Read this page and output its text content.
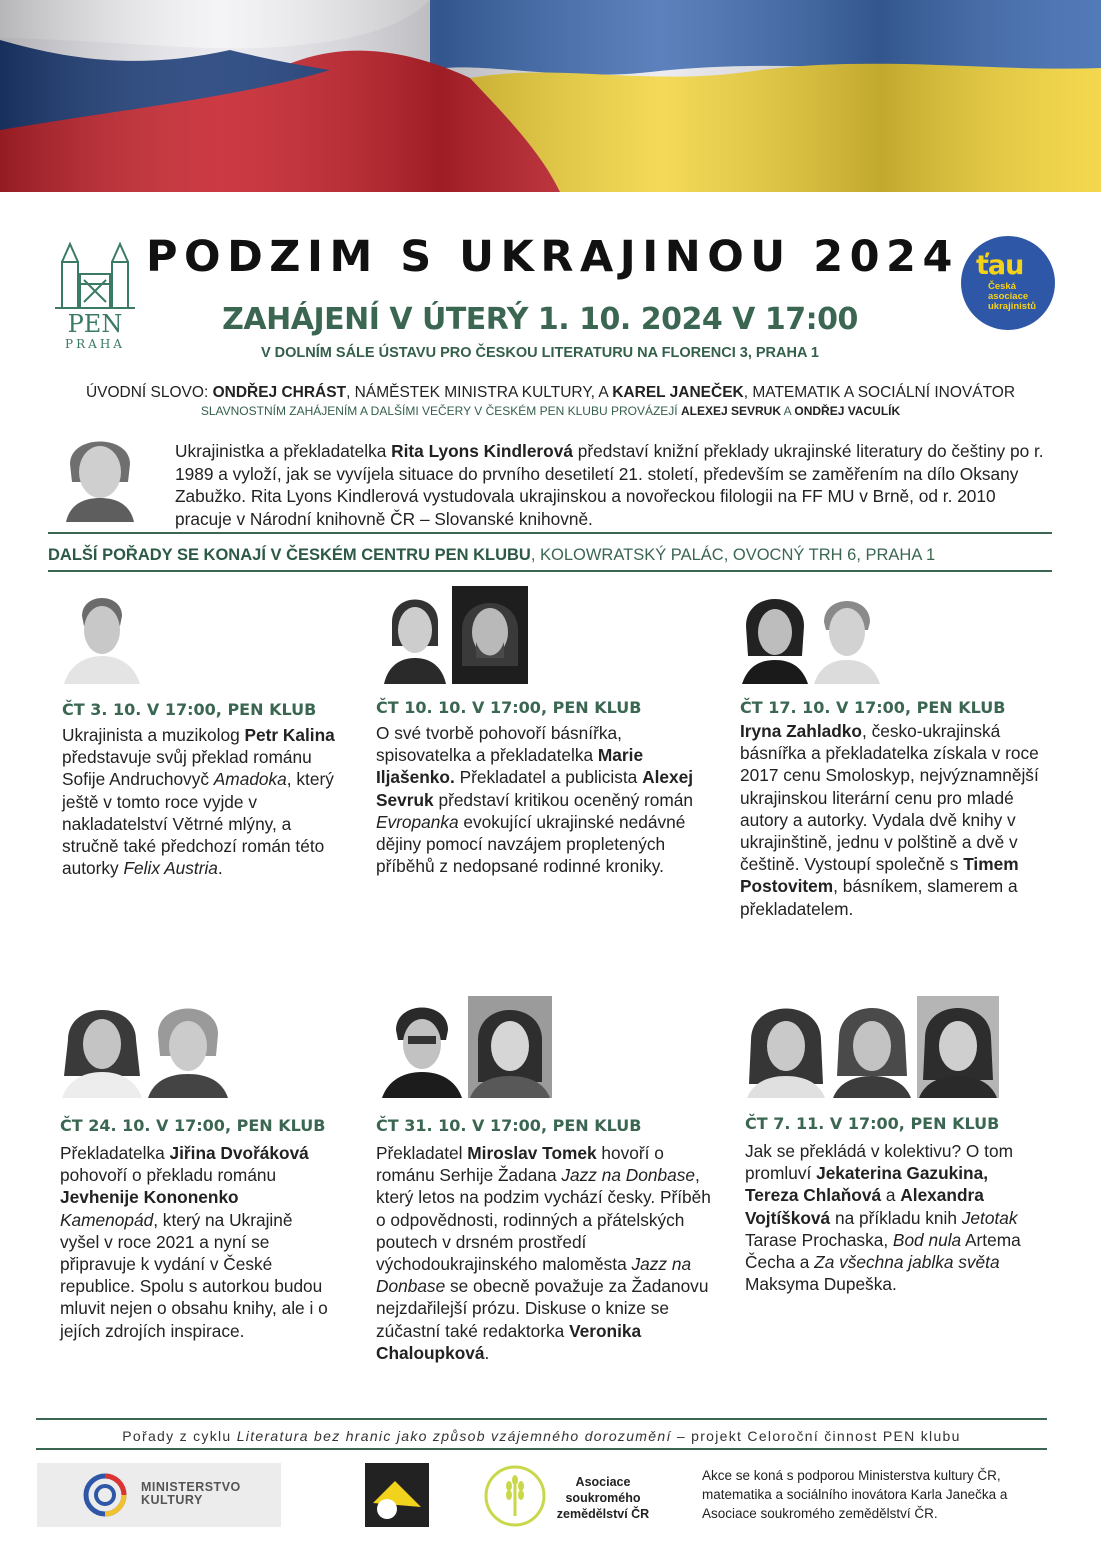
PEN
PRAHA
ťau
Česká asociace ukrajinistů
PODZIM S UKRAJINOU 2024
ZAHÁJENÍ V ÚTERÝ 1. 10. 2024 V 17:00
V DOLNÍM SÁLE ÚSTAVU PRO ČESKOU LITERATURU NA FLORENCI 3, PRAHA 1
ÚVODNÍ SLOVO: ONDŘEJ CHRÁST, NÁMĚSTEK MINISTRA KULTURY, A KAREL JANEČEK, MATEMATIK A SOCIÁLNÍ INOVÁTOR
SLAVNOSTNÍM ZAHÁJENÍM A DALŠÍMI VEČERY V ČESKÉM PEN KLUBU PROVÁZEJÍ ALEXEJ SEVRUK A ONDŘEJ VACULÍK
Ukrajinistka a překladatelka Rita Lyons Kindlerová představí knižní překlady ukrajinské literatury do češtiny po r. 1989 a vyloží, jak se vyvíjela situace do prvního desetiletí 21. století, především se zaměřením na dílo Oksany Zabužko. Rita Lyons Kindlerová vystudovala ukrajinskou a novořeckou filologii na FF MU v Brně, od r. 2010 pracuje v Národní knihovně ČR – Slovanské knihovně.
DALŠÍ POŘADY SE KONAJÍ V ČESKÉM CENTRU PEN KLUBU, KOLOWRATSKÝ PALÁC, OVOCNÝ TRH 6, PRAHA 1
ČT 3. 10. V 17:00, PEN KLUB
Ukrajinista a muzikolog Petr Kalina představuje svůj překlad románu Sofije Andruchovyč Amadoka, který ještě v tomto roce vyjde v nakladatelství Větrné mlýny, a stručně také předchozí román této autorky Felix Austria.
ČT 10. 10. V 17:00, PEN KLUB
O své tvorbě pohovoří básnířka, spisovatelka a překladatelka Marie Iljašenko. Překladatel a publicista Alexej Sevruk představí kritikou oceněný román Evropanka evokující ukrajinské nedávné dějiny pomocí navzájem propletených příběhů z nedopsané rodinné kroniky.
ČT 17. 10. V 17:00, PEN KLUB
Iryna Zahladko, česko-ukrajinská básnířka a překladatelka získala v roce 2017 cenu Smoloskyp, nejvýznamnější ukrajinskou literární cenu pro mladé autory a autorky. Vydala dvě knihy v ukrajinštině, jednu v polštině a dvě v češtině. Vystoupí společně s Timem Postovitem, básníkem, slamerem a překladatelem.
ČT 24. 10. V 17:00, PEN KLUB
Překladatelka Jiřina Dvořáková pohovoří o překladu románu Jevhenije Kononenko Kamenopád, který na Ukrajině vyšel v roce 2021 a nyní se připravuje k vydání v České republice. Spolu s autorkou budou mluvit nejen o obsahu knihy, ale i o jejích zdrojích inspirace.
ČT 31. 10. V 17:00, PEN KLUB
Překladatel Miroslav Tomek hovoří o románu Serhije Žadana Jazz na Donbase, který letos na podzim vychází česky. Příběh o odpovědnosti, rodinných a přátelských poutech v drsném prostředí východoukrajinského maloměsta Jazz na Donbase se obecně považuje za Žadanovu nejzdařilejší prózu. Diskuse o knize se zúčastní také redaktorka Veronika Chaloupková.
ČT 7. 11. V 17:00, PEN KLUB
Jak se překládá v kolektivu? O tom promluví Jekaterina Gazukina, Tereza Chlaňová a Alexandra Vojtíšková na příkladu knih Jetotak Tarase Prochaska, Bod nula Artema Čecha a Za všechna jablka světa Maksyma Dupeška.
Pořady z cyklu Literatura bez hranic jako způsob vzájemného dorozumění – projekt Celoroční činnost PEN klubu
MINISTERSTVO
KULTURY
Asociace
soukromého
zemědělství ČR
Akce se koná s podporou Ministerstva kultury ČR, matematika a sociálního inovátora Karla Janečka a Asociace soukromého zemědělství ČR.
